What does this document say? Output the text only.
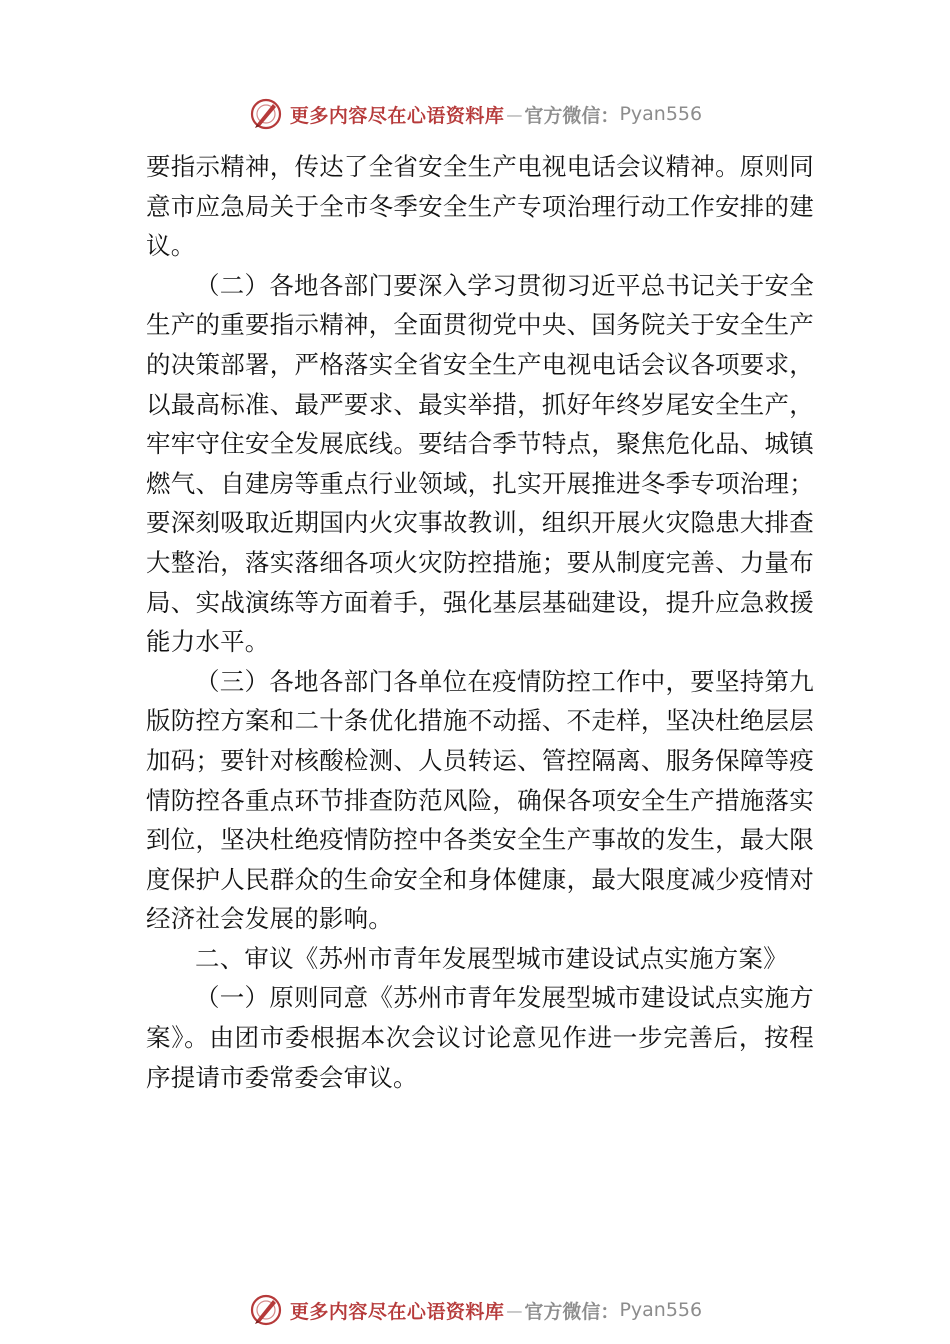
更多内容尽在心语资料库 — 官方微信： Pyan556

要指示精神，传达了全省安全生产电视电话会议精神。原则同意市应急局关于全市冬季安全生产专项治理行动工作安排的建议。

（二）各地各部门要深入学习贯彻习近平总书记关于安全生产的重要指示精神，全面贯彻党中央、国务院关于安全生产的决策部署，严格落实全省安全生产电视电话会议各项要求，以最高标准、最严要求、最实举措，抓好年终岁尾安全生产，牢牢守住安全发展底线。要结合季节特点，聚焦危化品、城镇燃气、自建房等重点行业领域，扎实开展推进冬季专项治理；要深刻吸取近期国内火灾事故教训，组织开展火灾隐患大排查大整治，落实落细各项火灾防控措施；要从制度完善、力量布局、实战演练等方面着手，强化基层基础建设，提升应急救援能力水平。

（三）各地各部门各单位在疫情防控工作中，要坚持第九版防控方案和二十条优化措施不动摇、不走样，坚决杜绝层层加码；要针对核酸检测、人员转运、管控隔离、服务保障等疫情防控各重点环节排查防范风险，确保各项安全生产措施落实到位，坚决杜绝疫情防控中各类安全生产事故的发生，最大限度保护人民群众的生命安全和身体健康，最大限度减少疫情对经济社会发展的影响。

二、审议《苏州市青年发展型城市建设试点实施方案》

（一）原则同意《苏州市青年发展型城市建设试点实施方案》。由团市委根据本次会议讨论意见作进一步完善后，按程序提请市委常委会审议。

更多内容尽在心语资料库 — 官方微信： Pyan556
